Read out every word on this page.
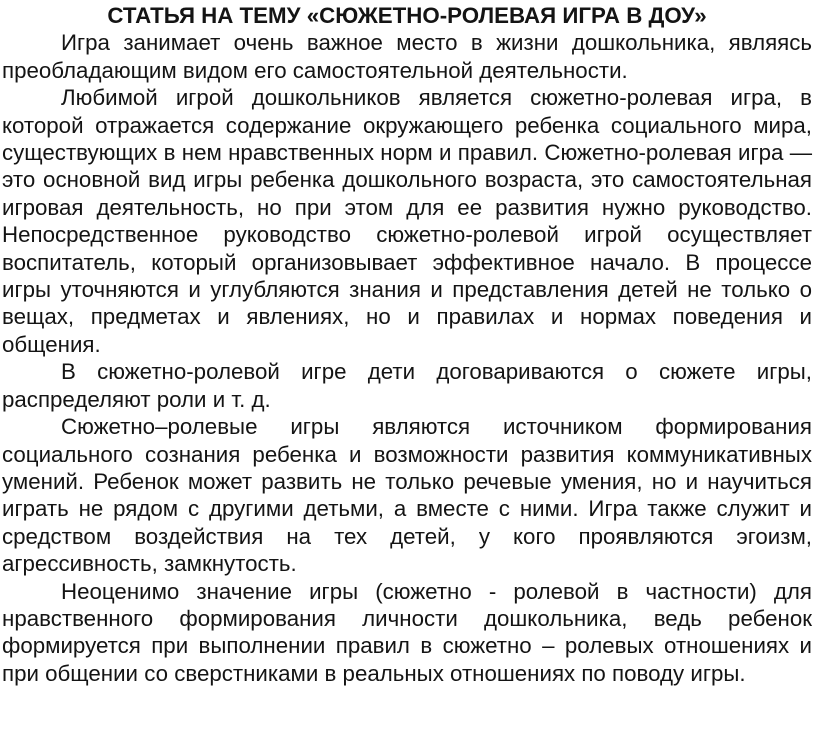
СТАТЬЯ НА ТЕМУ «СЮЖЕТНО-РОЛЕВАЯ ИГРА В ДОУ»

Игра занимает очень важное место в жизни дошкольника, являясь преобладающим видом его самостоятельной деятельности.

Любимой игрой дошкольников является сюжетно-ролевая игра, в которой отражается содержание окружающего ребенка социального мира, существующих в нем нравственных норм и правил. Сюжетно-ролевая игра — это основной вид игры ребенка дошкольного возраста, это самостоятельная игровая деятельность, но при этом для ее развития нужно руководство. Непосредственное руководство сюжетно-ролевой игрой осуществляет воспитатель, который организовывает эффективное начало. В процессе игры уточняются и углубляются знания и представления детей не только о вещах, предметах и явлениях, но и правилах и нормах поведения и общения.

В сюжетно-ролевой игре дети договариваются о сюжете игры, распределяют роли и т. д.

Сюжетно–ролевые игры являются источником формирования социального сознания ребенка и возможности развития коммуникативных умений. Ребенок может развить не только речевые умения, но и научиться играть не рядом с другими детьми, а вместе с ними. Игра также служит и средством воздействия на тех детей, у кого проявляются эгоизм, агрессивность, замкнутость.

Неоценимо значение игры (сюжетно - ролевой в частности) для нравственного формирования личности дошкольника, ведь ребенок формируется при выполнении правил в сюжетно – ролевых отношениях и при общении со сверстниками в реальных отношениях по поводу игры.
